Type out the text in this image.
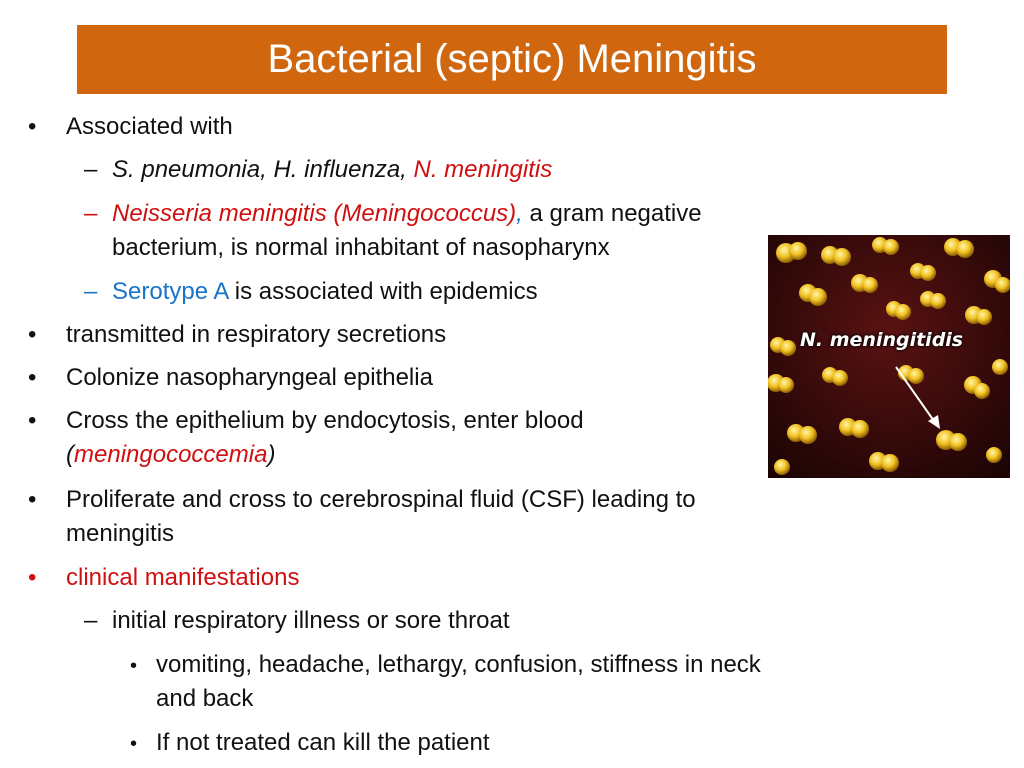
Bacterial (septic) Meningitis
• Associated with
– S. pneumonia, H. influenza, N. meningitis
– Neisseria meningitis (Meningococcus), a gram negative
bacterium, is normal inhabitant of nasopharynx
– Serotype A is associated with epidemics
• transmitted in respiratory secretions
• Colonize nasopharyngeal epithelia
• Cross the epithelium by endocytosis, enter blood
(meningococcemia)
• Proliferate and cross to cerebrospinal fluid (CSF) leading to
meningitis
• clinical manifestations
– initial respiratory illness or sore throat
• vomiting, headache, lethargy, confusion, stiffness in neck
and back
• If not treated can kill the patient
N. meningitidis
